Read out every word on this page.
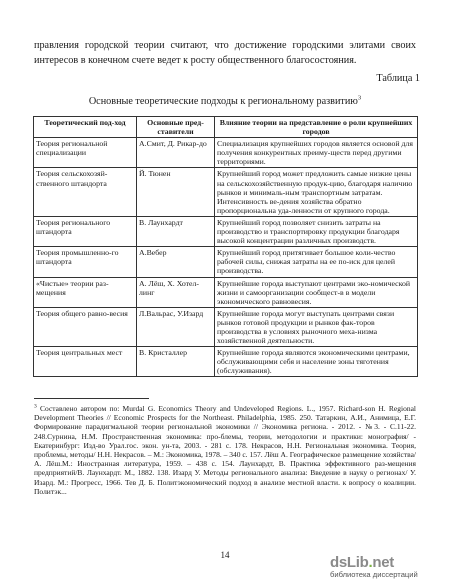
правления городской теории считают, что достижение городскими элитами своих интересов в конечном счете ведет к росту общественного благосостояния.

Таблица 1
Основные теоретические подходы к региональному развитию$^3$
Теоретический под-ход	Основные пред-ставители	Влияние теории на представление о роли крупнейших городов
Теория региональной специализации	А.Смит, Д. Рикар-до	Специализация крупнейших городов является основой для получения конкурентных преиму-ществ перед другими территориями.
Теория сельскохозяй-ственного штандорта	Й. Тюнен	Крупнейший город может предложить самые низкие цены на сельскохозяйственную продук-цию, благодаря наличию рынков и минималь-ным транспортным затратам. Интенсивность ве-дения хозяйства обратно пропорциональна уда-ленности от крупного города.
Теория регионального штандорта	В. Лаунхардт	Крупнейший город позволяет снизить затраты на производство и транспортировку продукции благодаря высокой концентрации различных производств.
Теория промышленно-го штандорта	А.Вебер	Крупнейший город притягивает большое коли-чество рабочей силы, снижая затраты на ее по-иск для целей производства.
«Чистые» теории раз-мещения	А. Лёш, Х. Хотел-линг	Крупнейшие города выступают центрами эко-номической жизни и самоорганизации сообщест-в в модели экономического равновесия.
Теория общего равно-весия	Л.Вальрас, У.Изард	Крупнейшие города могут выступать центрами связи рынков готовой продукции и рынков фак-торов производства в условиях рыночного меха-низма хозяйственной деятельности.
Теория центральных мест	В. Кристаллер	Крупнейшие города являются экономическими центрами, обслуживающими себя и население зоны тяготения (обслуживания).
$^3$ Составлено автором по: Murdal G. Economics Theory and Undeveloped Regions. L., 1957. Richard-son H. Regional Development Theories // Economic Prospects for the Northeast. Philadelphia, 1985. 250. Татаркин, А.И., Анимица, Е.Г. Формирование парадигмальной теории региональной экономики // Экономика региона. - 2012. - №3. - С.11-22. 248.Сурнина, Н.М. Пространственная экономика: про-блемы, теории, методологии и практики: монография/ - Екатеринбург: Изд-во Урал.гос. экон. ун-та, 2003. - 281 с. 178. Некрасов, Н.Н. Региональная экономика. Теория, проблемы, методы/ Н.Н. Некрасов. – М.: Экономика, 1978. – 340 с. 157. Лёш А. Географическое размещение хозяйства/ А. Лёш.М.: Иностранная литература, 1959. – 438 с. 154. Лаунхардт, В. Практика эффективного раз-мещения предприятий/В. Лаунхардт. М., 1882. 138. Изард У. Методы регионального анализа: Введение в науку о регионах/ У. Изард. М.: Прогресс, 1966. Тев Д. Б. Политэкономический подход в анализе местной власти. к вопросу о коалиции. Политэк...
14	dsLib.net
библиотека диссертаций
